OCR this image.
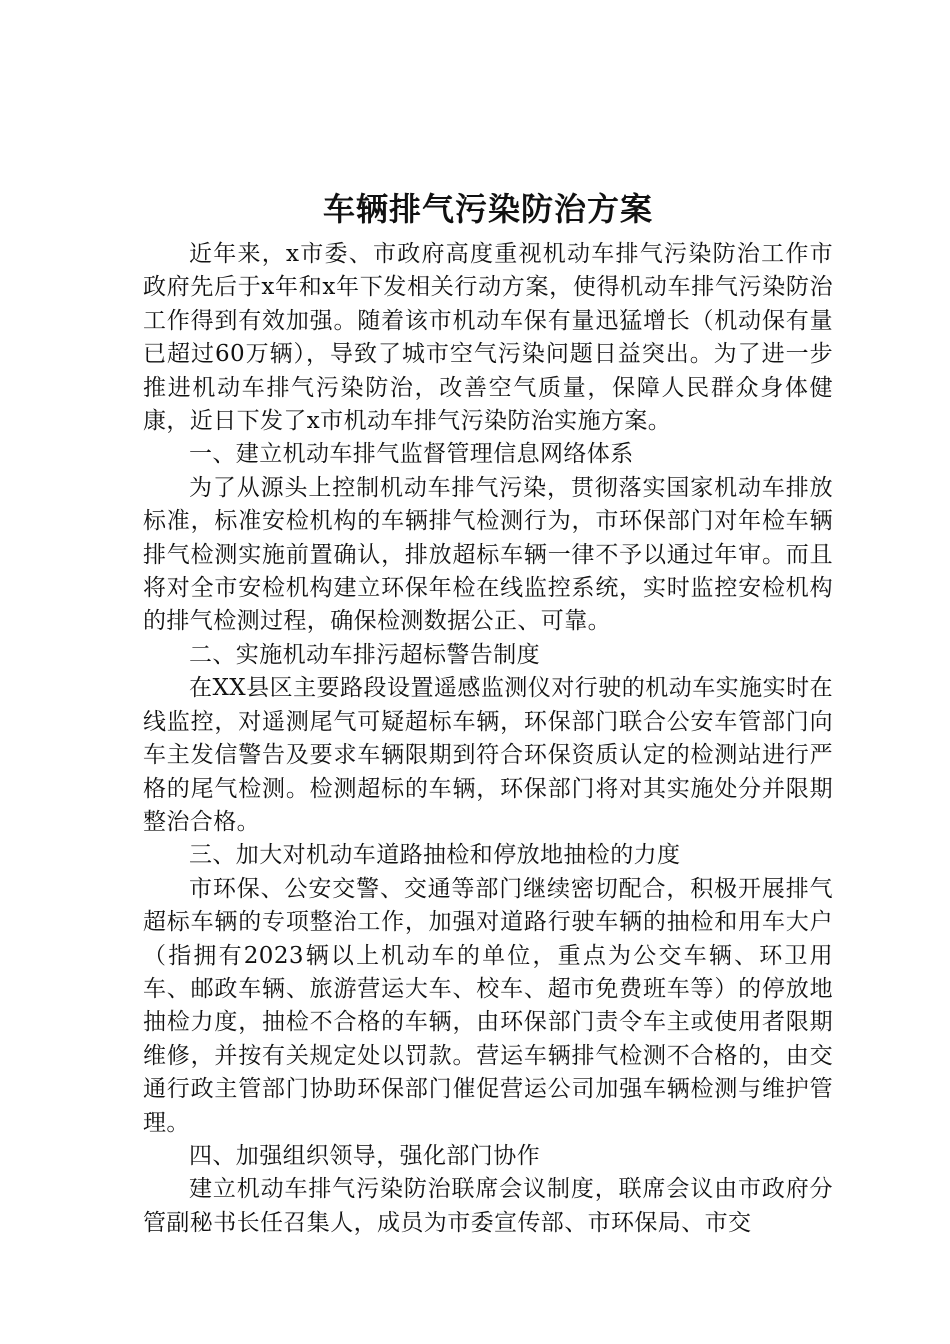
车辆排气污染防治方案

近年来，x市委、市政府高度重视机动车排气污染防治工作市政府先后于x年和x年下发相关行动方案，使得机动车排气污染防治工作得到有效加强。随着该市机动车保有量迅猛增长（机动保有量已超过60万辆），导致了城市空气污染问题日益突出。为了进一步推进机动车排气污染防治，改善空气质量，保障人民群众身体健康，近日下发了x市机动车排气污染防治实施方案。

一、建立机动车排气监督管理信息网络体系

为了从源头上控制机动车排气污染，贯彻落实国家机动车排放标准，标准安检机构的车辆排气检测行为，市环保部门对年检车辆排气检测实施前置确认，排放超标车辆一律不予以通过年审。而且将对全市安检机构建立环保年检在线监控系统，实时监控安检机构的排气检测过程，确保检测数据公正、可靠。

二、实施机动车排污超标警告制度

在XX县区主要路段设置遥感监测仪对行驶的机动车实施实时在线监控，对遥测尾气可疑超标车辆，环保部门联合公安车管部门向车主发信警告及要求车辆限期到符合环保资质认定的检测站进行严格的尾气检测。检测超标的车辆，环保部门将对其实施处分并限期整治合格。

三、加大对机动车道路抽检和停放地抽检的力度

市环保、公安交警、交通等部门继续密切配合，积极开展排气超标车辆的专项整治工作，加强对道路行驶车辆的抽检和用车大户（指拥有2023辆以上机动车的单位，重点为公交车辆、环卫用车、邮政车辆、旅游营运大车、校车、超市免费班车等）的停放地抽检力度，抽检不合格的车辆，由环保部门责令车主或使用者限期维修，并按有关规定处以罚款。营运车辆排气检测不合格的，由交通行政主管部门协助环保部门催促营运公司加强车辆检测与维护管理。

四、加强组织领导，强化部门协作

建立机动车排气污染防治联席会议制度，联席会议由市政府分管副秘书长任召集人，成员为市委宣传部、市环保局、市交
